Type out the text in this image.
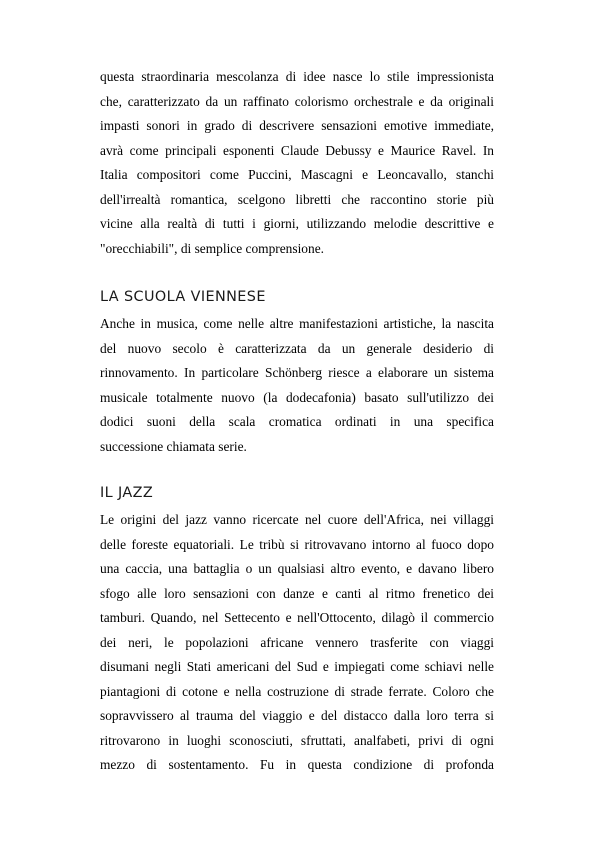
questa straordinaria mescolanza di idee nasce lo stile impressionista
che, caratterizzato da un raffinato colorismo orchestrale e da originali
impasti sonori in grado di descrivere sensazioni emotive immediate,
avrà come principali esponenti Claude Debussy e Maurice Ravel. In
Italia compositori come Puccini, Mascagni e Leoncavallo, stanchi
dell'irrealtà romantica, scelgono libretti che raccontino storie più
vicine alla realtà di tutti i giorni, utilizzando melodie descrittive e
"orecchiabili", di semplice comprensione.
LA SCUOLA VIENNESE
Anche in musica, come nelle altre manifestazioni artistiche, la nascita
del nuovo secolo è caratterizzata da un generale desiderio di
rinnovamento. In particolare Schönberg riesce a elaborare un sistema
musicale totalmente nuovo (la dodecafonia) basato sull'utilizzo dei
dodici suoni della scala cromatica ordinati in una specifica
successione chiamata serie.
IL JAZZ
Le origini del jazz vanno ricercate nel cuore dell'Africa, nei villaggi
delle foreste equatoriali. Le tribù si ritrovavano intorno al fuoco dopo
una caccia, una battaglia o un qualsiasi altro evento, e davano libero
sfogo alle loro sensazioni con danze e canti al ritmo frenetico dei
tamburi. Quando, nel Settecento e nell'Ottocento, dilagò il commercio
dei neri, le popolazioni africane vennero trasferite con viaggi
disumani negli Stati americani del Sud e impiegati come schiavi nelle
piantagioni di cotone e nella costruzione di strade ferrate. Coloro che
sopravvissero al trauma del viaggio e del distacco dalla loro terra si
ritrovarono in luoghi sconosciuti, sfruttati, analfabeti, privi di ogni
mezzo di sostentamento. Fu in questa condizione di profonda
